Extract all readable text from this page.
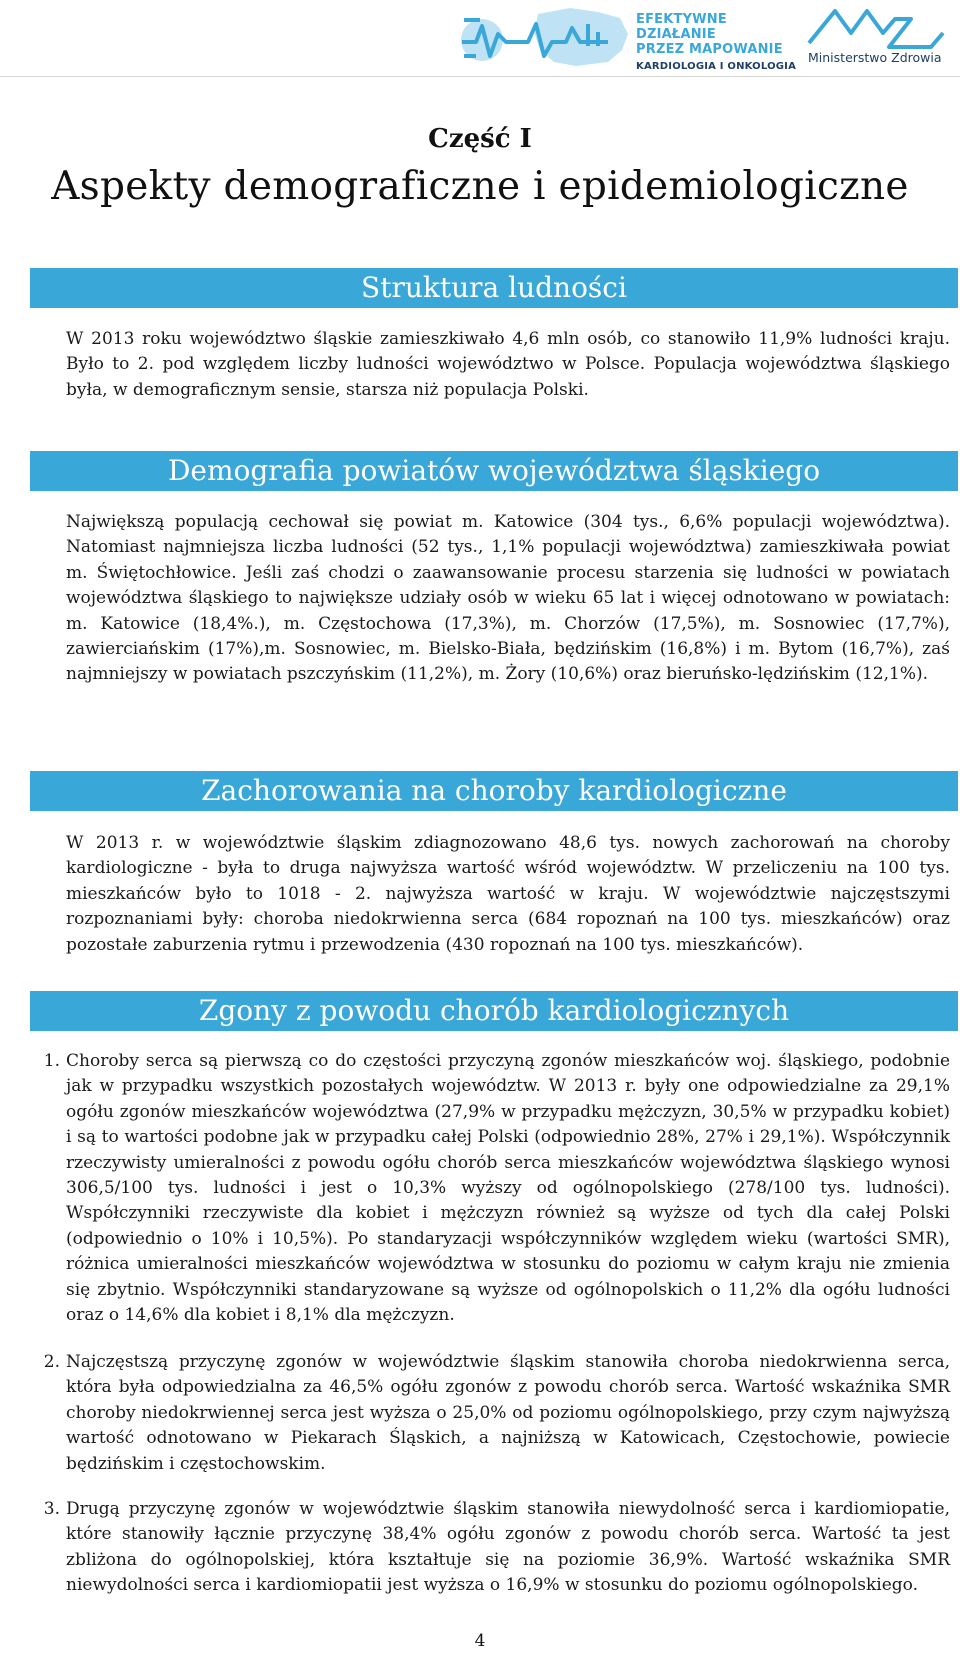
EFEKTYWNE DZIAŁANIE
PRZEZ MAPOWANIE
KARDIOLOGIA I ONKOLOGIA
Ministerstwo Zdrowia
Część I
Aspekty demograficzne i epidemiologiczne
Struktura ludności
W 2013 roku województwo śląskie zamieszkiwało 4,6 mln osób, co stanowiło 11,9% ludności kraju. Było to 2. pod względem liczby ludności województwo w Polsce. Populacja województwa śląskiego była, w demograficznym sensie, starsza niż populacja Polski.
Demografia powiatów województwa śląskiego
Największą populacją cechował się powiat m. Katowice (304 tys., 6,6% populacji województwa). Natomiast najmniejsza liczba ludności (52 tys., 1,1% populacji województwa) zamieszkiwała powiat m. Świętochłowice. Jeśli zaś chodzi o zaawansowanie procesu starzenia się ludności w powiatach województwa śląskiego to największe udziały osób w wieku 65 lat i więcej odnotowano w powiatach: m. Katowice (18,4%.), m. Częstochowa (17,3%), m. Chorzów (17,5%), m. Sosnowiec (17,7%), zawierciańskim (17%),m. Sosnowiec, m. Bielsko-Biała, będzińskim (16,8%) i m. Bytom (16,7%), zaś najmniejszy w powiatach pszczyńskim (11,2%), m. Żory (10,6%) oraz bieruńsko-lędzińskim (12,1%).
Zachorowania na choroby kardiologiczne
W 2013 r. w województwie śląskim zdiagnozowano 48,6 tys. nowych zachorowań na choroby kardiologiczne - była to druga najwyższa wartość wśród województw. W przeliczeniu na 100 tys. mieszkańców było to 1018 - 2. najwyższa wartość w kraju. W województwie najczęstszymi rozpoznaniami były: choroba niedokrwienna serca (684 ropoznań na 100 tys. mieszkańców) oraz pozostałe zaburzenia rytmu i przewodzenia (430 ropoznań na 100 tys. mieszkańców).
Zgony z powodu chorób kardiologicznych
1. Choroby serca są pierwszą co do częstości przyczyną zgonów mieszkańców woj. śląskiego, podobnie jak w przypadku wszystkich pozostałych województw. W 2013 r. były one odpowiedzialne za 29,1% ogółu zgonów mieszkańców województwa (27,9% w przypadku mężczyzn, 30,5% w przypadku kobiet) i są to wartości podobne jak w przypadku całej Polski (odpowiednio 28%, 27% i 29,1%). Współczynnik rzeczywisty umieralności z powodu ogółu chorób serca mieszkańców województwa śląskiego wynosi 306,5/100 tys. ludności i jest o 10,3% wyższy od ogólnopolskiego (278/100 tys. ludności). Współczynniki rzeczywiste dla kobiet i mężczyzn również są wyższe od tych dla całej Polski (odpowiednio o 10% i 10,5%). Po standaryzacji współczynników względem wieku (wartości SMR), różnica umieralności mieszkańców województwa w stosunku do poziomu w całym kraju nie zmienia się zbytnio. Współczynniki standaryzowane są wyższe od ogólnopolskich o 11,2% dla ogółu ludności oraz o 14,6% dla kobiet i 8,1% dla mężczyzn.
2. Najczęstszą przyczynę zgonów w województwie śląskim stanowiła choroba niedokrwienna serca, która była odpowiedzialna za 46,5% ogółu zgonów z powodu chorób serca. Wartość wskaźnika SMR choroby niedokrwiennej serca jest wyższa o 25,0% od poziomu ogólnopolskiego, przy czym najwyższą wartość odnotowano w Piekarach Śląskich, a najniższą w Katowicach, Częstochowie, powiecie będzińskim i częstochowskim.
3. Drugą przyczynę zgonów w województwie śląskim stanowiła niewydolność serca i kardiomiopatie, które stanowiły łącznie przyczynę 38,4% ogółu zgonów z powodu chorób serca. Wartość ta jest zbliżona do ogólnopolskiej, która kształtuje się na poziomie 36,9%. Wartość wskaźnika SMR niewydolności serca i kardiomiopatii jest wyższa o 16,9% w stosunku do poziomu ogólnopolskiego.
4
